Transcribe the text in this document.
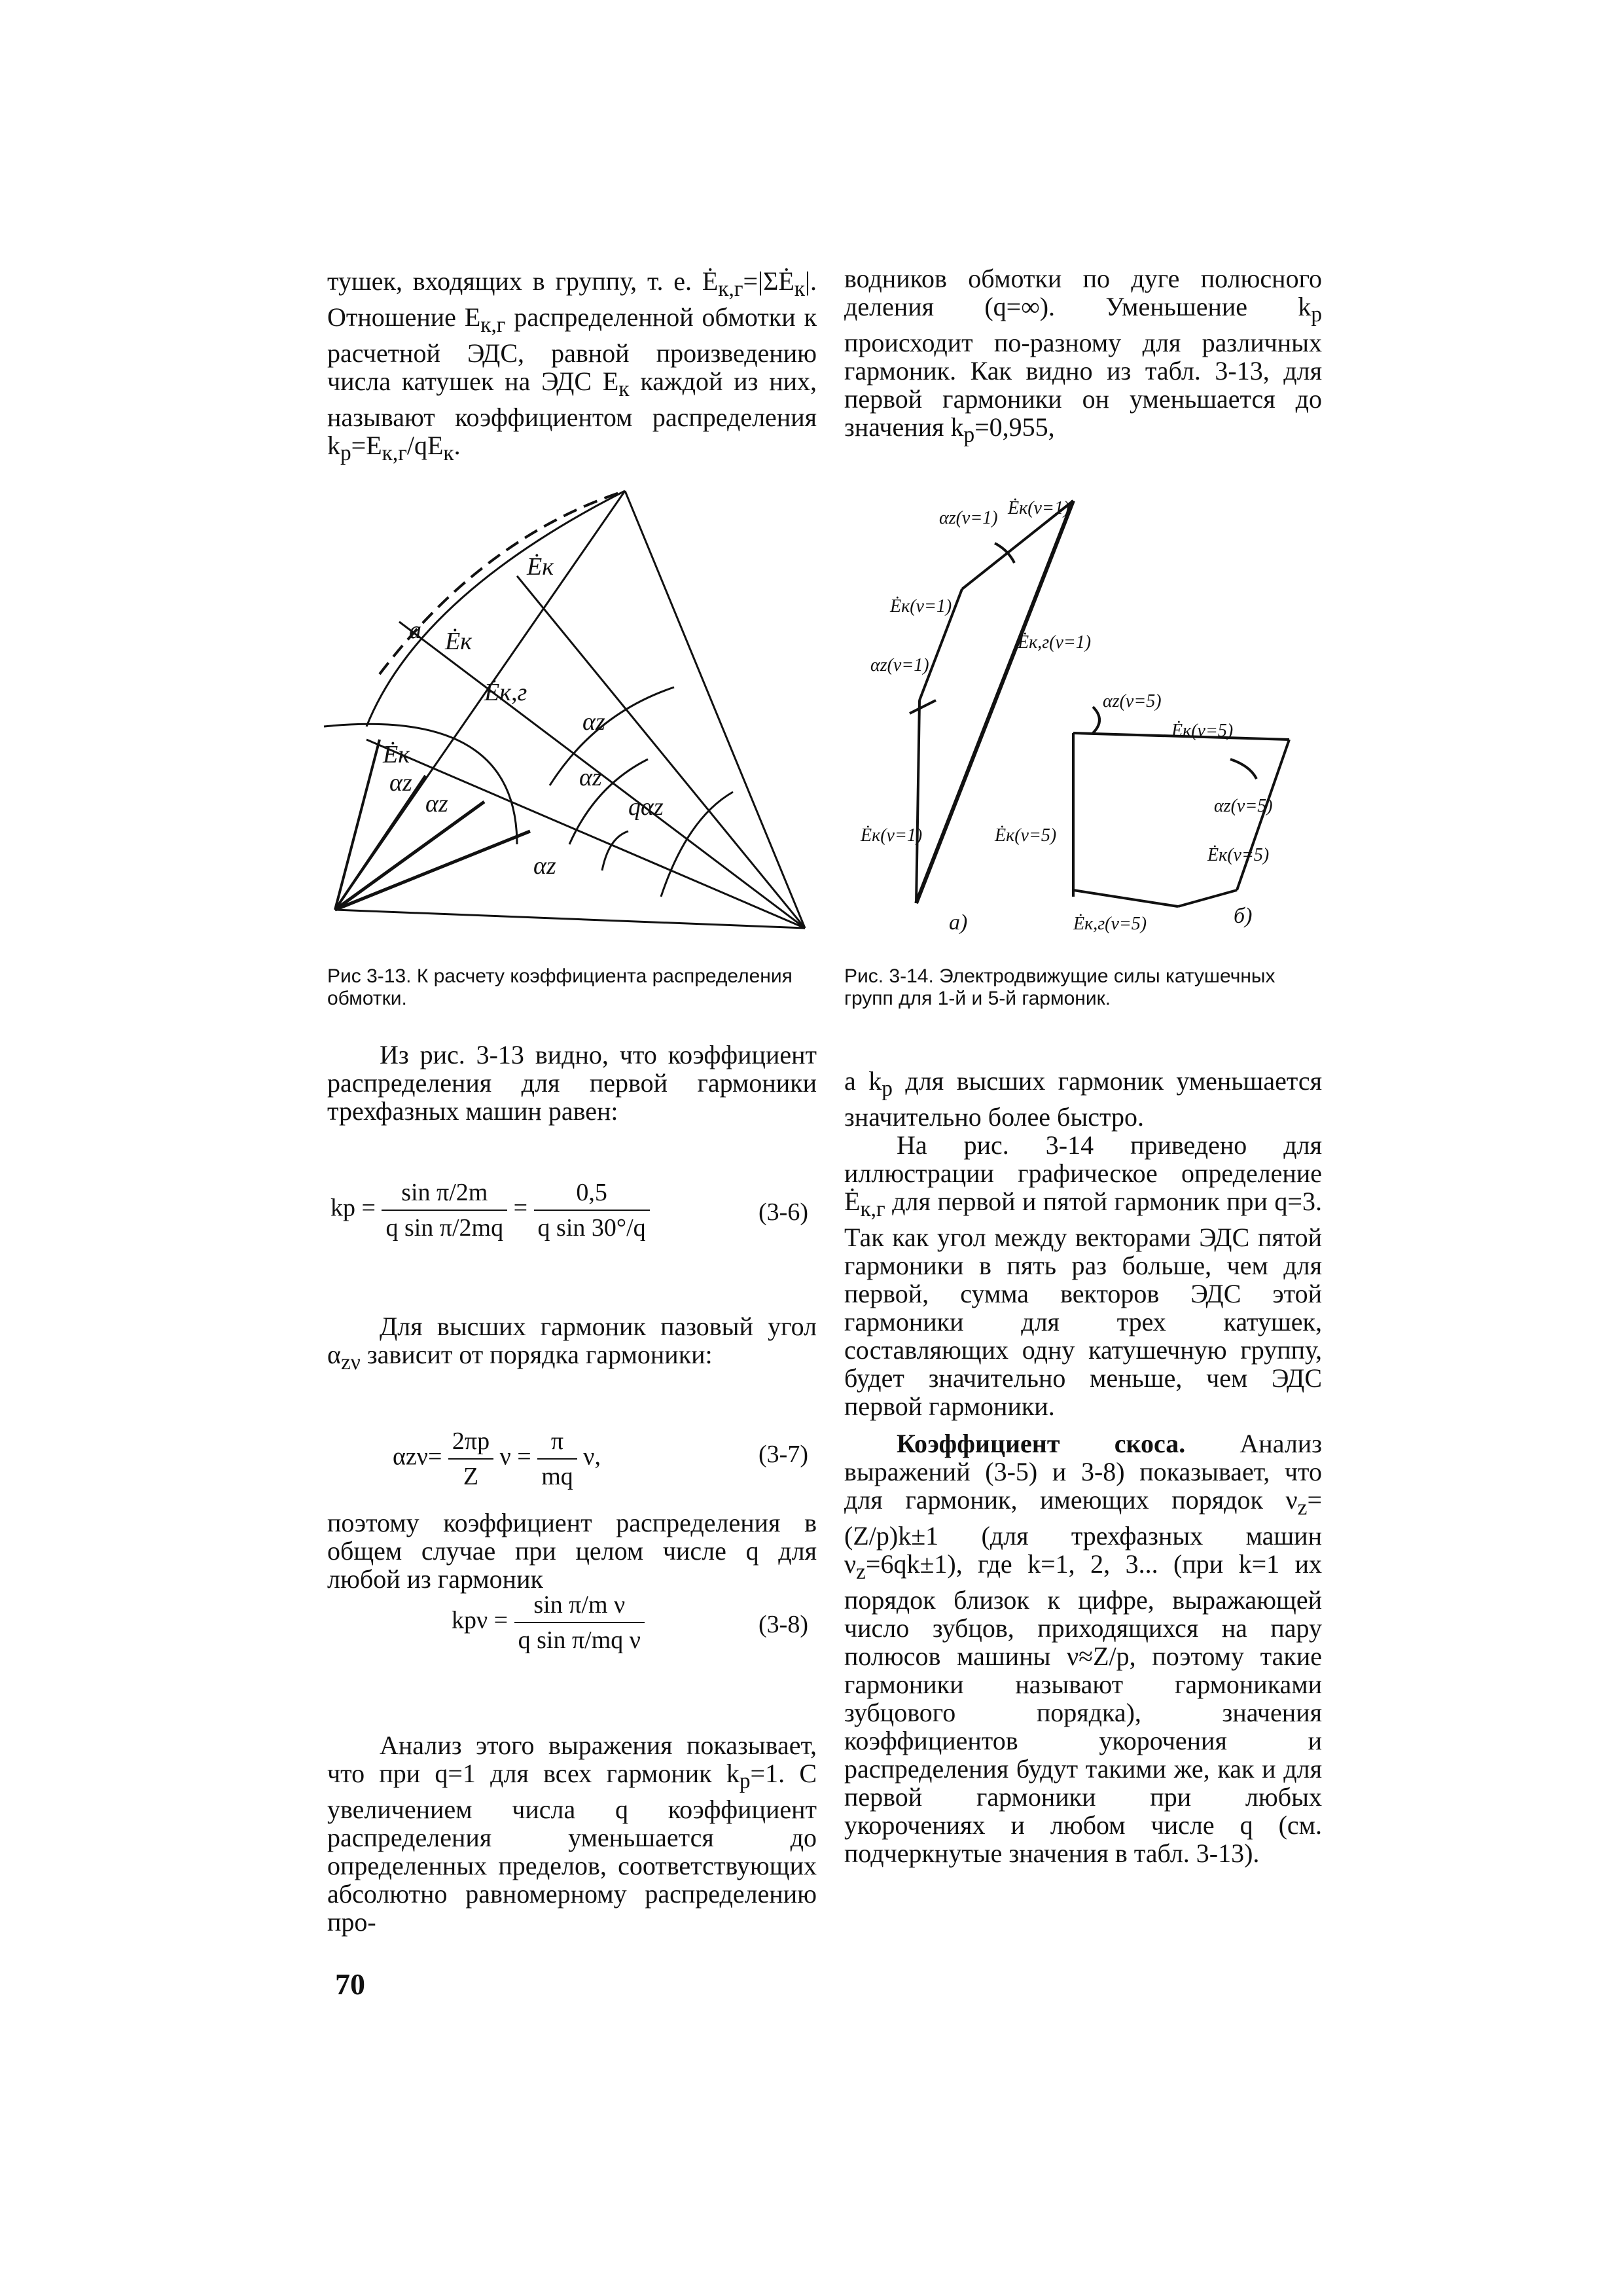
тушек, входящих в группу, т. е. $Ė_{к,г}=|\Sigma Ė_к|$. Отношение $E_{к,г}$ распределенной обмотки к расчетной ЭДС, равной произведению числа катушек на ЭДС $E_к$ каждой из них, называют коэффициентом распределения $k_р=E_{к,г}/qE_к$.

водников обмотки по дуге полюсного деления (q=∞). Уменьшение $k_р$ происходит по-разному для различных гармоник. Как видно из табл. 3-13, для первой гармоники он уменьшается до значения $k_р=0,955$,

a
Ėк
Ėк
Ėк,г
Ėк
αz
αz
αz
αz
qαz
αz
Ėк(ν=1)
αz(ν=1)
Ėк(ν=1)
Ėк,г(ν=1)
αz(ν=1)
Ėк(ν=1)
αz(ν=5)
Ėк(ν=5)
Ėк(ν=5)
αz(ν=5)
Ėк(ν=5)
Ėк,г(ν=5)
а)	б)
Рис 3-13. К расчету коэффициента распределения обмотки.
Рис. 3-14. Электродвижущие силы катушечных групп для 1-й и 5-й гармоник.

Из рис. 3-13 видно, что коэффициент распределения для первой гармоники трехфазных машин равен:

kр = $\frac{\text{sin π/2m}}{\text{q sin π/2mq}} = \frac{0,5}{\text{q sin 30°/q}}$	(3-6)

Для высших гармоник пазовый угол $\alpha_{z\nu}$ зависит от порядка гармоники:

$\alpha z\nu= \frac{2\pi p}{Z}$ $\nu = \frac{\pi}{mq} \nu$,	(3-7)

поэтому коэффициент распределения в общем случае при целом числе q для любой из гармоник

$kр\nu = \frac{\text{sin π/m ν}}{\text{q sin π/mq ν}}$	(3-8)

Анализ этого выражения показывает, что при q=1 для всех гармоник $k_р=1$. С увеличением числа q коэффициент распределения уменьшается до определенных пределов, соответствующих абсолютно равномерному распределению про-

а $k_р$ для высших гармоник уменьшается значительно более быстро.

На рис. 3-14 приведено для иллюстрации графическое определение $Ė_{к,г}$ для первой и пятой гармоник при q=3. Так как угол между векторами ЭДС пятой гармоники в пять раз больше, чем для первой, сумма векторов ЭДС этой гармоники для трех катушек, составляющих одну катушечную группу, будет значительно меньше, чем ЭДС первой гармоники.

Коэффициент скоса. Анализ выражений (3-5) и 3-8) показывает, что для гармоник, имеющих порядок $\nu_z=(Z/p)k\pm 1$ (для трехфазных машин $\nu_z=6qk\pm 1$), где k=1, 2, 3... (при k=1 их порядок близок к цифре, выражающей число зубцов, приходящихся на пару полюсов машины ν≈Z/p, поэтому такие гармоники называют гармониками зубцового порядка), значения коэффициентов укорочения и распределения будут такими же, как и для первой гармоники при любых укорочениях и любом числе q (см. подчеркнутые значения в табл. 3-13).

70
